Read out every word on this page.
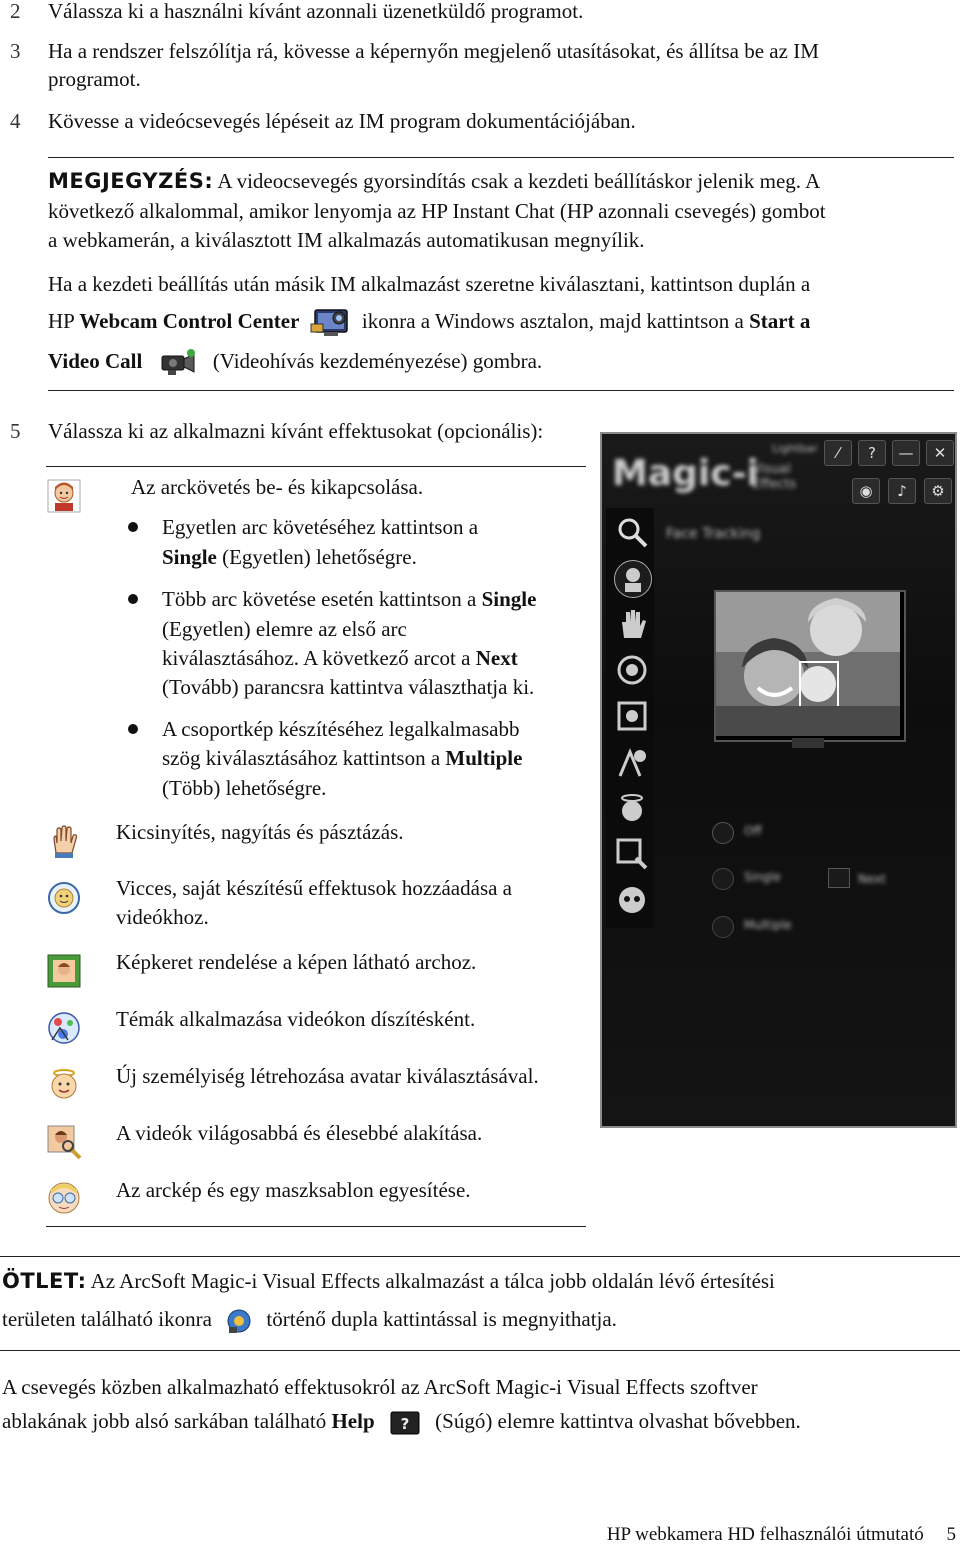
2 Válassza ki a használni kívánt azonnali üzenetküldő programot.
3 Ha a rendszer felszólítja rá, kövesse a képernyőn megjelenő utasításokat, és állítsa be az IM
programot.
4 Kövesse a videócsevegés lépéseit az IM program dokumentációjában.
MEGJEGYZÉS: A videocsevegés gyorsindítás csak a kezdeti beállításkor jelenik meg. A
következő alkalommal, amikor lenyomja az HP Instant Chat (HP azonnali csevegés) gombot
a webkamerán, a kiválasztott IM alkalmazás automatikusan megnyílik.
Ha a kezdeti beállítás után másik IM alkalmazást szeretne kiválasztani, kattintson duplán a
HP Webcam Control Center	ikonra a Windows asztalon, majd kattintson a Start a
Video Call	(Videohívás kezdeményezése) gombra.
5 Válassza ki az alkalmazni kívánt effektusokat (opcionális):
Az arckövetés be- és kikapcsolása.
Egyetlen arc követéséhez kattintson a
Single (Egyetlen) lehetőségre.
Több arc követése esetén kattintson a Single
(Egyetlen) elemre az első arc
kiválasztásához. A következő arcot a Next
(Tovább) parancsra kattintva választhatja ki.
A csoportkép készítéséhez legalkalmasabb
szög kiválasztásához kattintson a Multiple
(Több) lehetőségre.
Kicsinyítés, nagyítás és pásztázás.
Vicces, saját készítésű effektusok hozzáadása a
videókhoz.
Képkeret rendelése a képen látható archoz.
Témák alkalmazása videókon díszítésként.
Új személyiség létrehozása avatar kiválasztásával.
A videók világosabbá és élesebbé alakítása.
Az arckép és egy maszksablon egyesítése.
Magic-i
Visual Effects
Lightbar	⁄	?	—	✕
◉	♪	⚙
Face Tracking
Off
Single	Next
Multiple
ÖTLET: Az ArcSoft Magic-i Visual Effects alkalmazást a tálca jobb oldalán lévő értesítési
területen található ikonra	történő dupla kattintással is megnyithatja.
A csevegés közben alkalmazható effektusokról az ArcSoft Magic-i Visual Effects szoftver
ablakának jobb alsó sarkában található Help ? (Súgó) elemre kattintva olvashat bővebben.
HP webkamera HD felhasználói útmutató 5
